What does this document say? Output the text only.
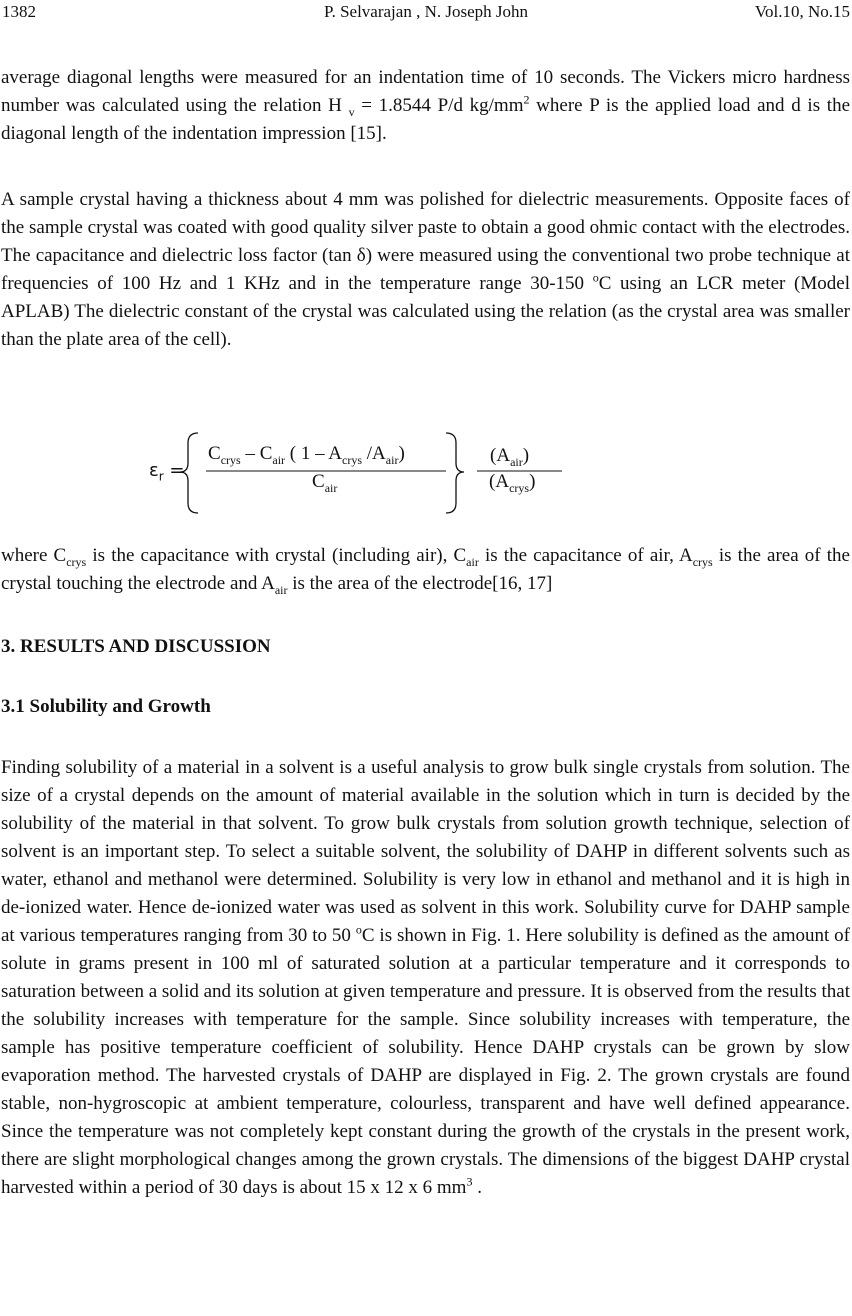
1382	P. Selvarajan , N. Joseph John	Vol.10, No.15

average diagonal lengths were measured for an indentation time of 10 seconds. The Vickers micro hardness number was calculated using the relation H $_v$ = 1.8544 P/d $kg/mm^2$ where P is the applied load and d is the diagonal length of the indentation impression [15].

A sample crystal having a thickness about 4 mm was polished for dielectric measurements. Opposite faces of the sample crystal was coated with good quality silver paste to obtain a good ohmic contact with the electrodes. The capacitance and dielectric loss factor (tan δ) were measured using the conventional two probe technique at frequencies of 100 Hz and 1 KHz and in the temperature range 30-150 $^o$C using an LCR meter (Model APLAB) The dielectric constant of the crystal was calculated using the relation (as the crystal area was smaller than the plate area of the cell).

$\varepsilon_r$ =
$C_{crys} - C_{air}$ ( $1 - A_{crys}$ $/A_{air}$)
$C_{air}$
$(A_{air})$
$(A_{crys})$

where $C_{crys}$ is the capacitance with crystal (including air), $C_{air}$ is the capacitance of air, $A_{crys}$ is the area of the crystal touching the electrode and $A_{air}$ is the area of the electrode[16, 17]

3. RESULTS AND DISCUSSION
3.1 Solubility and Growth

Finding solubility of a material in a solvent is a useful analysis to grow bulk single crystals from solution. The size of a crystal depends on the amount of material available in the solution which in turn is decided by the solubility of the material in that solvent. To grow bulk crystals from solution growth technique, selection of solvent is an important step. To select a suitable solvent, the solubility of DAHP in different solvents such as water, ethanol and methanol were determined. Solubility is very low in ethanol and methanol and it is high in de-ionized water. Hence de-ionized water was used as solvent in this work. Solubility curve for DAHP sample at various temperatures ranging from 30 to 50 $^o$C is shown in Fig. 1. Here solubility is defined as the amount of solute in grams present in 100 ml of saturated solution at a particular temperature and it corresponds to saturation between a solid and its solution at given temperature and pressure. It is observed from the results that the solubility increases with temperature for the sample. Since solubility increases with temperature, the sample has positive temperature coefficient of solubility. Hence DAHP crystals can be grown by slow evaporation method. The harvested crystals of DAHP are displayed in Fig. 2. The grown crystals are found stable, non-hygroscopic at ambient temperature, colourless, transparent and have well defined appearance. Since the temperature was not completely kept constant during the growth of the crystals in the present work, there are slight morphological changes among the grown crystals. The dimensions of the biggest DAHP crystal harvested within a period of 30 days is about 15 x 12 x 6 $mm^3$ .
